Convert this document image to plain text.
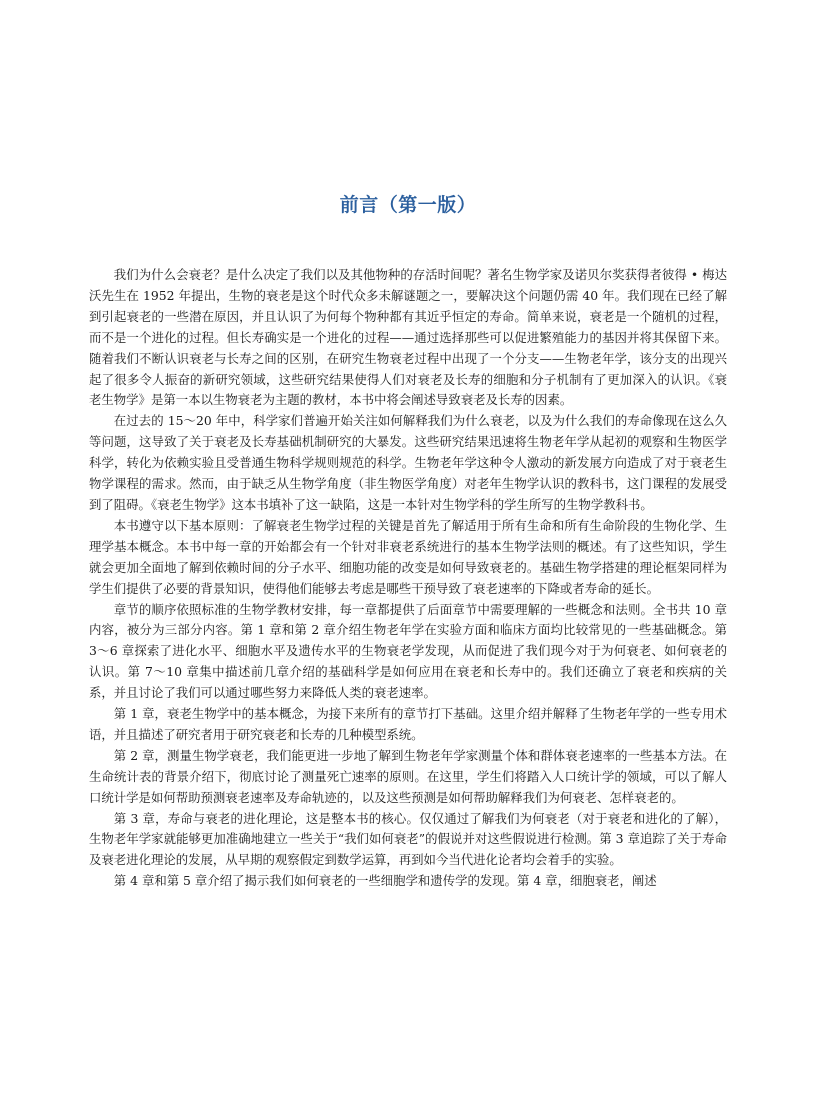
前言（第一版）

我们为什么会衰老？是什么决定了我们以及其他物种的存活时间呢？著名生物学家及诺贝尔奖获得者彼得 • 梅达沃先生在 1952 年提出，生物的衰老是这个时代众多未解谜题之一，要解决这个问题仍需 40 年。我们现在已经了解到引起衰老的一些潜在原因，并且认识了为何每个物种都有其近乎恒定的寿命。简单来说，衰老是一个随机的过程，而不是一个进化的过程。但长寿确实是一个进化的过程——通过选择那些可以促进繁殖能力的基因并将其保留下来。随着我们不断认识衰老与长寿之间的区别，在研究生物衰老过程中出现了一个分支——生物老年学，该分支的出现兴起了很多令人振奋的新研究领域，这些研究结果使得人们对衰老及长寿的细胞和分子机制有了更加深入的认识。《衰老生物学》是第一本以生物衰老为主题的教材，本书中将会阐述导致衰老及长寿的因素。

在过去的 15～20 年中，科学家们普遍开始关注如何解释我们为什么衰老，以及为什么我们的寿命像现在这么久等问题，这导致了关于衰老及长寿基础机制研究的大暴发。这些研究结果迅速将生物老年学从起初的观察和生物医学科学，转化为依赖实验且受普通生物科学规则规范的科学。生物老年学这种令人激动的新发展方向造成了对于衰老生物学课程的需求。然而，由于缺乏从生物学角度（非生物医学角度）对老年生物学认识的教科书，这门课程的发展受到了阻碍。《衰老生物学》这本书填补了这一缺陷，这是一本针对生物学科的学生所写的生物学教科书。

本书遵守以下基本原则：了解衰老生物学过程的关键是首先了解适用于所有生命和所有生命阶段的生物化学、生理学基本概念。本书中每一章的开始都会有一个针对非衰老系统进行的基本生物学法则的概述。有了这些知识，学生就会更加全面地了解到依赖时间的分子水平、细胞功能的改变是如何导致衰老的。基础生物学搭建的理论框架同样为学生们提供了必要的背景知识，使得他们能够去考虑是哪些干预导致了衰老速率的下降或者寿命的延长。

章节的顺序依照标准的生物学教材安排，每一章都提供了后面章节中需要理解的一些概念和法则。全书共 10 章内容，被分为三部分内容。第 1 章和第 2 章介绍生物老年学在实验方面和临床方面均比较常见的一些基础概念。第 3～6 章探索了进化水平、细胞水平及遗传水平的生物衰老学发现，从而促进了我们现今对于为何衰老、如何衰老的认识。第 7～10 章集中描述前几章介绍的基础科学是如何应用在衰老和长寿中的。我们还确立了衰老和疾病的关系，并且讨论了我们可以通过哪些努力来降低人类的衰老速率。

第 1 章，衰老生物学中的基本概念，为接下来所有的章节打下基础。这里介绍并解释了生物老年学的一些专用术语，并且描述了研究者用于研究衰老和长寿的几种模型系统。

第 2 章，测量生物学衰老，我们能更进一步地了解到生物老年学家测量个体和群体衰老速率的一些基本方法。在生命统计表的背景介绍下，彻底讨论了测量死亡速率的原则。在这里，学生们将踏入人口统计学的领域，可以了解人口统计学是如何帮助预测衰老速率及寿命轨迹的，以及这些预测是如何帮助解释我们为何衰老、怎样衰老的。

第 3 章，寿命与衰老的进化理论，这是整本书的核心。仅仅通过了解我们为何衰老（对于衰老和进化的了解），生物老年学家就能够更加准确地建立一些关于“我们如何衰老”的假说并对这些假说进行检测。第 3 章追踪了关于寿命及衰老进化理论的发展，从早期的观察假定到数学运算，再到如今当代进化论者均会着手的实验。

第 4 章和第 5 章介绍了揭示我们如何衰老的一些细胞学和遗传学的发现。第 4 章，细胞衰老，阐述
